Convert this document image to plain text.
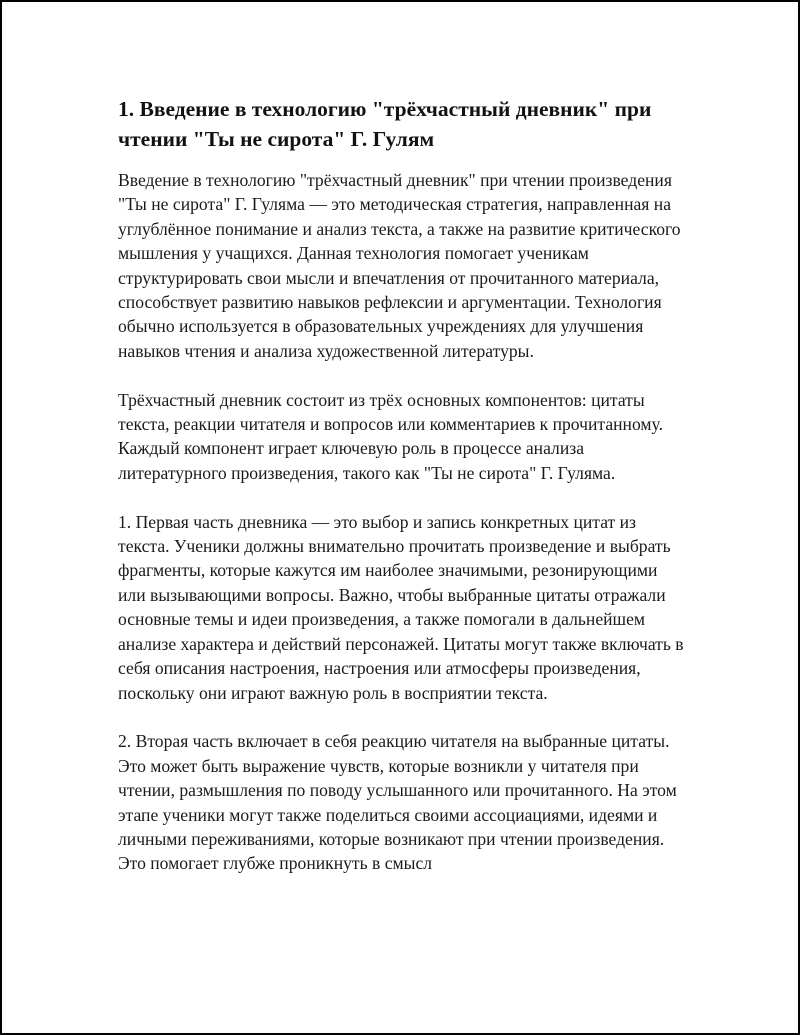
1. Введение в технологию "трёхчастный дневник" при чтении "Ты не сирота" Г. Гулям

Введение в технологию "трёхчастный дневник" при чтении произведения "Ты не сирота" Г. Гуляма — это методическая стратегия, направленная на углублённое понимание и анализ текста, а также на развитие критического мышления у учащихся. Данная технология помогает ученикам структурировать свои мысли и впечатления от прочитанного материала, способствует развитию навыков рефлексии и аргументации. Технология обычно используется в образовательных учреждениях для улучшения навыков чтения и анализа художественной литературы.

Трёхчастный дневник состоит из трёх основных компонентов: цитаты текста, реакции читателя и вопросов или комментариев к прочитанному. Каждый компонент играет ключевую роль в процессе анализа литературного произведения, такого как "Ты не сирота" Г. Гуляма.

1. Первая часть дневника — это выбор и запись конкретных цитат из текста. Ученики должны внимательно прочитать произведение и выбрать фрагменты, которые кажутся им наиболее значимыми, резонирующими или вызывающими вопросы. Важно, чтобы выбранные цитаты отражали основные темы и идеи произведения, а также помогали в дальнейшем анализе характера и действий персонажей. Цитаты могут также включать в себя описания настроения, настроения или атмосферы произведения, поскольку они играют важную роль в восприятии текста.

2. Вторая часть включает в себя реакцию читателя на выбранные цитаты. Это может быть выражение чувств, которые возникли у читателя при чтении, размышления по поводу услышанного или прочитанного. На этом этапе ученики могут также поделиться своими ассоциациями, идеями и личными переживаниями, которые возникают при чтении произведения. Это помогает глубже проникнуть в смысл
